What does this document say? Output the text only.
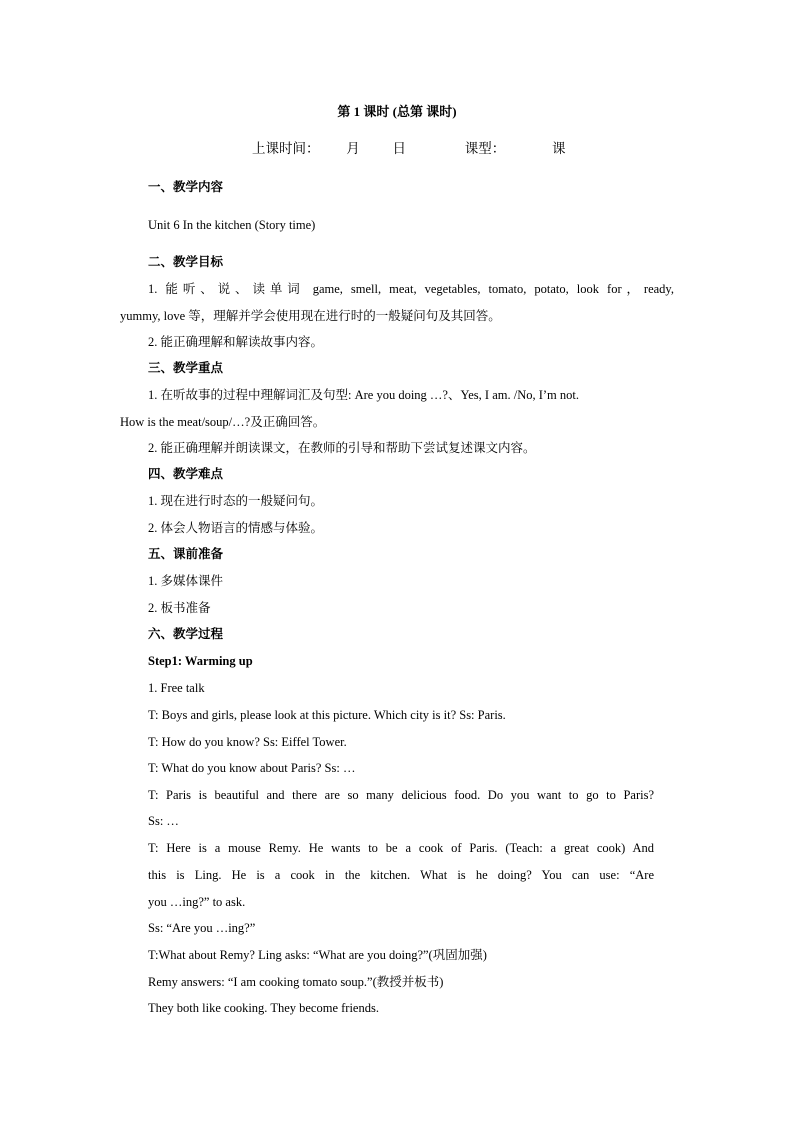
第 1 课时 (总第 课时)
上课时间： 月 日	课型：	课
一、教学内容
Unit 6 In the kitchen (Story time)
二、教学目标
1. 能听、说、读单词 game, smell, meat, vegetables, tomato, potato, look for，ready,
yummy, love 等，理解并学会使用现在进行时的一般疑问句及其回答。
2. 能正确理解和解读故事内容。
三、教学重点
1. 在听故事的过程中理解词汇及句型: Are you doing …?、Yes, I am. /No, I’m not.
How is the meat/soup/…?及正确回答。
2. 能正确理解并朗读课文，在教师的引导和帮助下尝试复述课文内容。
四、教学难点
1. 现在进行时态的一般疑问句。
2. 体会人物语言的情感与体验。
五、课前准备
1. 多媒体课件
2. 板书准备
六、教学过程
Step1: Warming up
1. Free talk
T: Boys and girls, please look at this picture. Which city is it? Ss: Paris.
T: How do you know? Ss: Eiffel Tower.
T: What do you know about Paris? Ss: …
T: Paris is beautiful and there are so many delicious food. Do you want to go to Paris?
Ss: …
T: Here is a mouse Remy. He wants to be a cook of Paris. (Teach: a great cook) And
this is Ling. He is a cook in the kitchen. What is he doing? You can use: “Are
you …ing?” to ask.
Ss: “Are you …ing?”
T:What about Remy? Ling asks: “What are you doing?”(巩固加强)
Remy answers: “I am cooking tomato soup.”(教授并板书)
They both like cooking. They become friends.
